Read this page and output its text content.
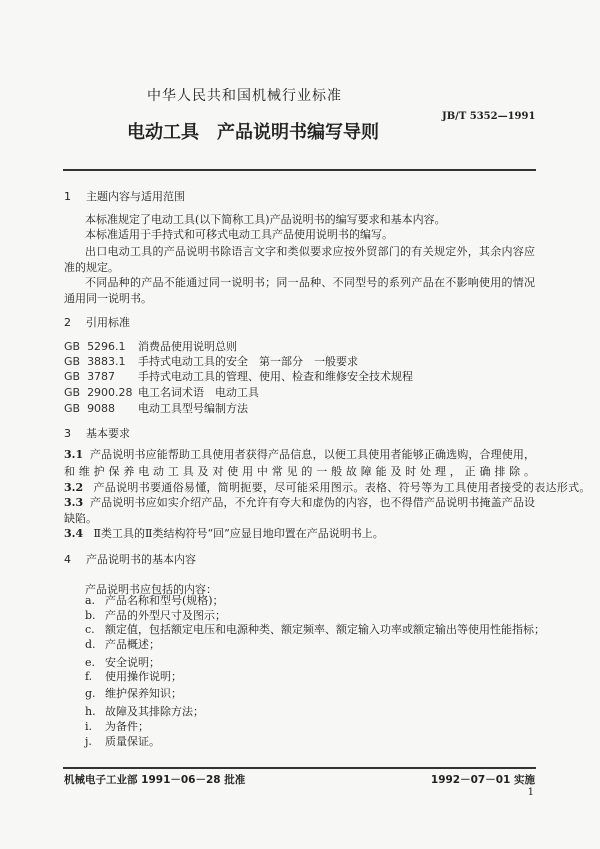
中华人民共和国机械行业标准
JB/T 5352—1991
电动工具　产品说明书编写导则
1 主题内容与适用范围
本标准规定了电动工具(以下简称工具)产品说明书的编写要求和基本内容。
本标准适用于手持式和可移式电动工具产品使用说明书的编写。
出口电动工具的产品说明书除语言文字和类似要求应按外贸部门的有关规定外，其余内容应
准的规定。
不同品种的产品不能通过同一说明书；同一品种、不同型号的系列产品在不影响使用的情况
通用同一说明书。
2 引用标准
GB  5296.1 消费品使用说明总则
GB  3883.1 手持式电动工具的安全　第一部分　一般要求
GB  3787 手持式电动工具的管理、使用、检查和维修安全技术规程
GB  2900.28 电工名词术语　电动工具
GB  9088 电动工具型号编制方法
3 基本要求
3.1 产品说明书应能帮助工具使用者获得产品信息，以便工具使用者能够正确选购，合理使用，
和维护保养电动工具及对使用中常见的一般故障能及时处理，正确排除。
3.2 产品说明书要通俗易懂，简明扼要，尽可能采用图示。表格、符号等为工具使用者接受的表达形式。
3.3 产品说明书应如实介绍产品，不允许有夸大和虚伪的内容，也不得借产品说明书掩盖产品设
缺陷。
3.4 Ⅱ类工具的Ⅱ类结构符号“回”应显目地印置在产品说明书上。
4 产品说明书的基本内容
产品说明书应包括的内容：
a. 产品名称和型号(规格)；
b. 产品的外型尺寸及图示；
c. 额定值，包括额定电压和电源种类、额定频率、额定输入功率或额定输出等使用性能指标；
d. 产品概述；
e. 安全说明；
f. 使用操作说明；
g. 维护保养知识；
h. 故障及其排除方法；
i. 为备件；
j. 质量保证。
机械电子工业部 1991－06－28 批准	1992－07－01 实施
1
